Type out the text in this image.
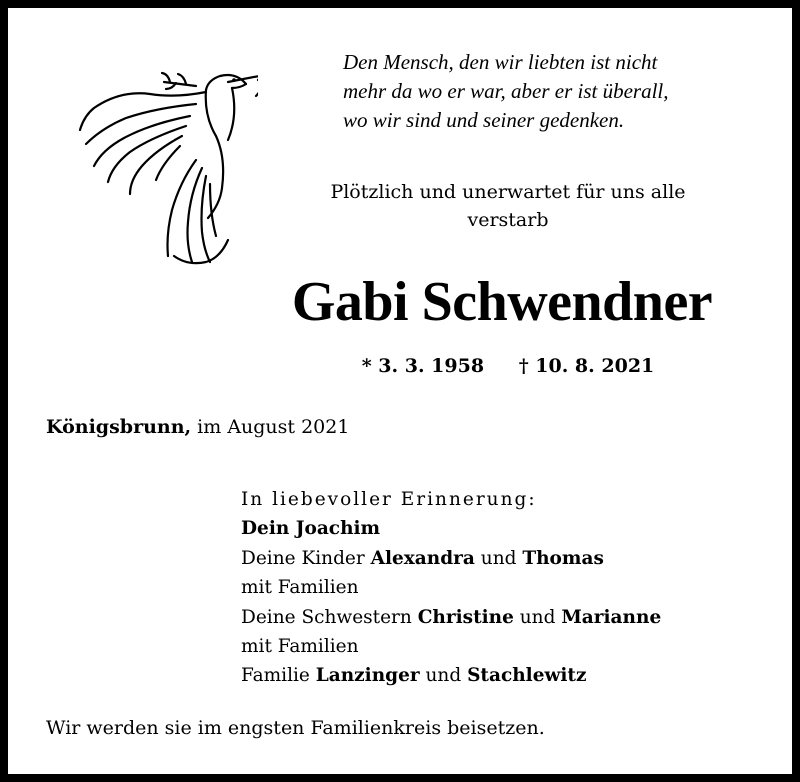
Den Mensch, den wir liebten ist nicht
mehr da wo er war, aber er ist überall,
wo wir sind und seiner gedenken.
Plötzlich und unerwartet für uns alle
verstarb
Gabi Schwendner
* 3. 3. 1958 † 10. 8. 2021
Königsbrunn, im August 2021
In liebevoller Erinnerung:
Dein Joachim
Deine Kinder Alexandra und Thomas
mit Familien
Deine Schwestern Christine und Marianne
mit Familien
Familie Lanzinger und Stachlewitz
Wir werden sie im engsten Familienkreis beisetzen.
